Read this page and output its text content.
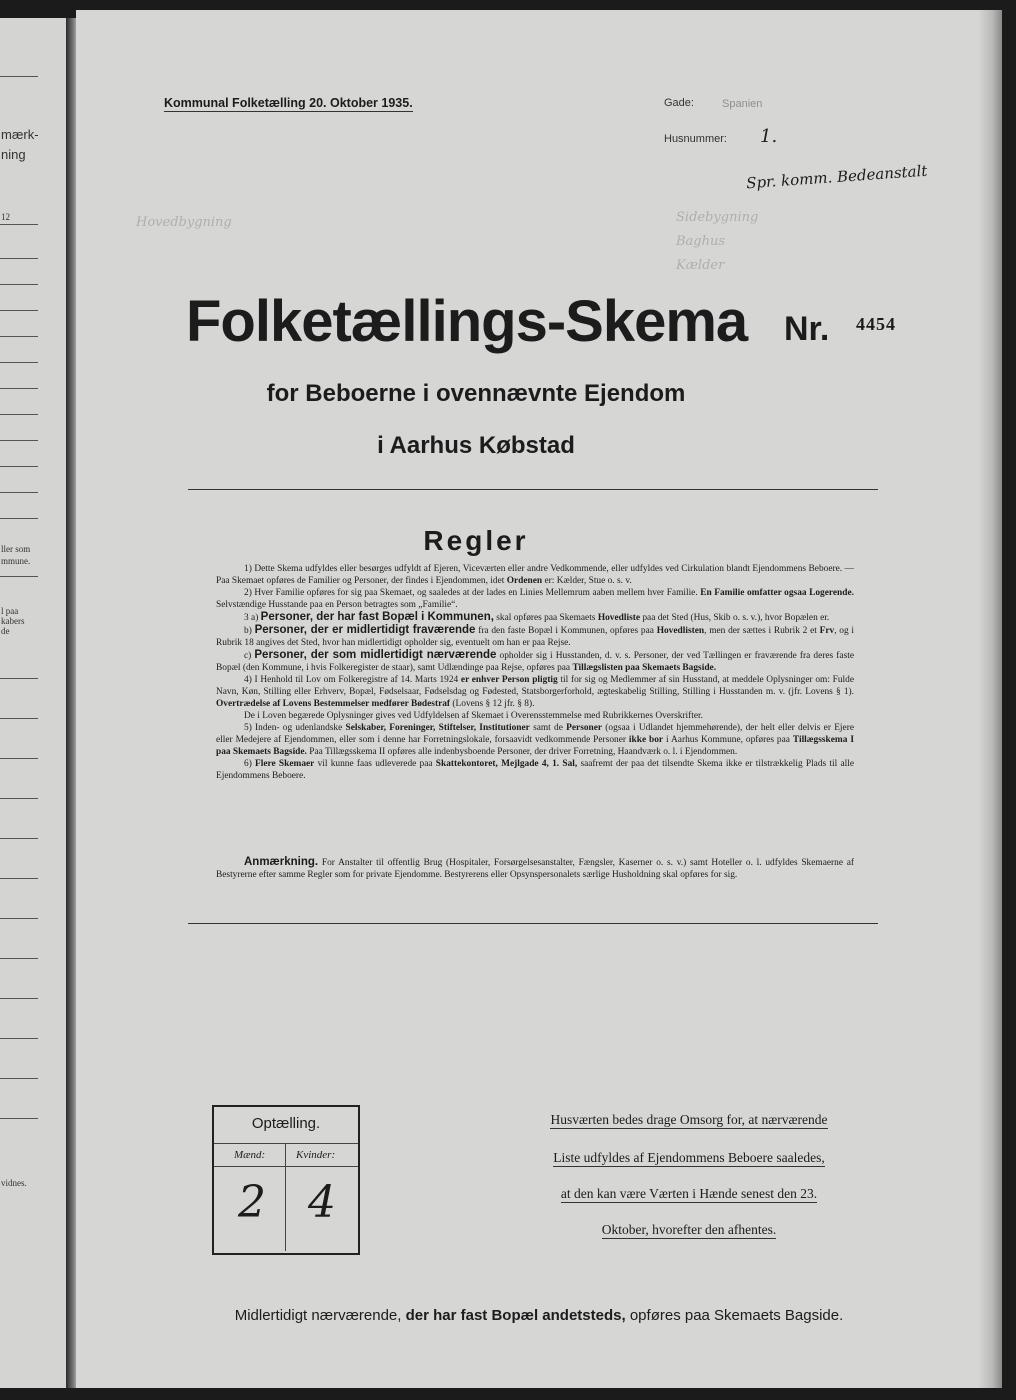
mærk-
ning
12
ller som
mmune.
l paa
kabers
de
vidnes.
Kommunal Folketælling 20. Oktober 1935.	Gade:	Spanien
Husnummer: 1.
Spr. komm. Bedeanstalt
Hovedbygning	Sidebygning
Baghus
Kælder
Folketællings-Skema Nr. 4454
for Beboerne i ovennævnte Ejendom
i Aarhus Købstad
Regler

1) Dette Skema udfyldes eller besørges udfyldt af Ejeren, Viceværten eller andre Vedkommende, eller udfyldes ved Cirkulation blandt Ejendommens Beboere. — Paa Skemaet opføres de Familier og Personer, der findes i Ejendommen, idet Ordenen er: Kælder, Stue o. s. v.

2) Hver Familie opføres for sig paa Skemaet, og saaledes at der lades en Linies Mellemrum aaben mellem hver Familie. En Familie omfatter ogsaa Logerende. Selvstændige Husstande paa en Person betragtes som „Familie“.

3 a) Personer, der har fast Bopæl i Kommunen, skal opføres paa Skemaets Hovedliste paa det Sted (Hus, Skib o. s. v.), hvor Bopælen er.

b) Personer, der er midlertidigt fraværende fra den faste Bopæl i Kommunen, opføres paa Hovedlisten, men der sættes i Rubrik 2 et Frv, og i Rubrik 18 angives det Sted, hvor han midlertidigt opholder sig, eventuelt om han er paa Rejse.

c) Personer, der som midlertidigt nærværende opholder sig i Husstanden, d. v. s. Personer, der ved Tællingen er fraværende fra deres faste Bopæl (den Kommune, i hvis Folkeregister de staar), samt Udlændinge paa Rejse, opføres paa Tillægslisten paa Skemaets Bagside.

4) I Henhold til Lov om Folkeregistre af 14. Marts 1924 er enhver Person pligtig til for sig og Medlemmer af sin Husstand, at meddele Oplysninger om: Fulde Navn, Køn, Stilling eller Erhverv, Bopæl, Fødselsaar, Fødselsdag og Fødested, Statsborgerforhold, ægteskabelig Stilling, Stilling i Husstanden m. v. (jfr. Lovens § 1). Overtrædelse af Lovens Bestemmelser medfører Bødestraf (Lovens § 12 jfr. § 8).

De i Loven begærede Oplysninger gives ved Udfyldelsen af Skemaet i Overensstemmelse med Rubrikkernes Overskrifter.

5) Inden- og udenlandske Selskaber, Foreninger, Stiftelser, Institutioner samt de Personer (ogsaa i Udlandet hjemmehørende), der helt eller delvis er Ejere eller Medejere af Ejendommen, eller som i denne har Forretningslokale, forsaavidt vedkommende Personer ikke bor i Aarhus Kommune, opføres paa Tillægsskema I paa Skemaets Bagside. Paa Tillægsskema II opføres alle indenbysboende Personer, der driver Forretning, Haandværk o. l. i Ejendommen.

6) Flere Skemaer vil kunne faas udleverede paa Skattekontoret, Mejlgade 4, 1. Sal, saafremt der paa det tilsendte Skema ikke er tilstrækkelig Plads til alle Ejendommens Beboere.

Anmærkning. For Anstalter til offentlig Brug (Hospitaler, Forsørgelsesanstalter, Fængsler, Kaserner o. s. v.) samt Hoteller o. l. udfyldes Skemaerne af Bestyrerne efter samme Regler som for private Ejendomme. Bestyrerens eller Opsynspersonalets særlige Husholdning skal opføres for sig.

Optælling.
Mænd:	Kvinder:
2 4
Husværten bedes drage Omsorg for, at nærværende
Liste udfyldes af Ejendommens Beboere saaledes,
at den kan være Værten i Hænde senest den 23.
Oktober, hvorefter den afhentes.
Midlertidigt nærværende, der har fast Bopæl andetsteds, opføres paa Skemaets Bagside.
